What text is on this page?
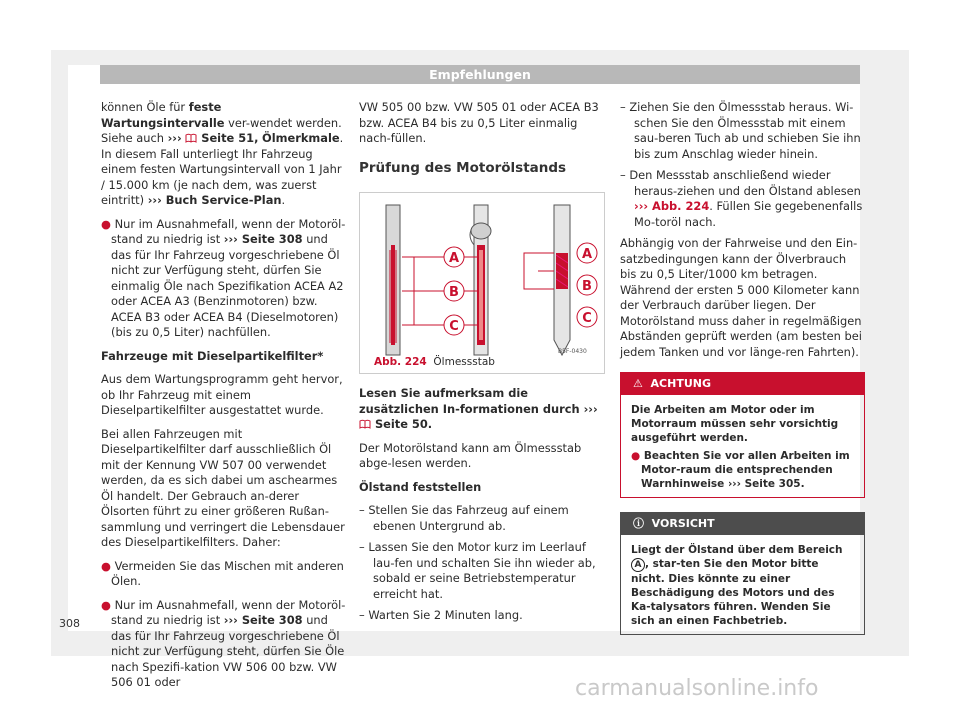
Empfehlungen

können Öle für feste Wartungsintervalle ver-wendet werden. Siehe auch ›››  Seite 51, Ölmerkmale. In diesem Fall unterliegt Ihr Fahrzeug einem festen Wartungsintervall von 1 Jahr / 15.000 km (je nach dem, was zuerst eintritt) ››› Buch Service-Plan.

● Nur im Ausnahmefall, wenn der Motoröl-stand zu niedrig ist ››› Seite 308 und das für Ihr Fahrzeug vorgeschriebene Öl nicht zur Verfügung steht, dürfen Sie einmalig Öle nach Spezifikation ACEA A2 oder ACEA A3 (Benzinmotoren) bzw. ACEA B3 oder ACEA B4 (Dieselmotoren) (bis zu 0,5 Liter) nachfüllen.

Fahrzeuge mit Dieselpartikelfilter*

Aus dem Wartungsprogramm geht hervor, ob Ihr Fahrzeug mit einem Dieselpartikelfilter ausgestattet wurde.

Bei allen Fahrzeugen mit Dieselpartikelfilter darf ausschließlich Öl mit der Kennung VW 507 00 verwendet werden, da es sich dabei um aschearmes Öl handelt. Der Gebrauch an-derer Ölsorten führt zu einer größeren Rußan-sammlung und verringert die Lebensdauer des Dieselpartikelfilters. Daher:

● Vermeiden Sie das Mischen mit anderen Ölen.

● Nur im Ausnahmefall, wenn der Motoröl-stand zu niedrig ist ››› Seite 308 und das für Ihr Fahrzeug vorgeschriebene Öl nicht zur Verfügung steht, dürfen Sie Öle nach Spezifi-kation VW 506 00 bzw. VW 506 01 oder

VW 505 00 bzw. VW 505 01 oder ACEA B3 bzw. ACEA B4 bis zu 0,5 Liter einmalig nach-füllen.

Prüfung des Motorölstands
A
B
C
A
B
C
B5F-0430
Abb. 224 Ölmessstab

Lesen Sie aufmerksam die zusätzlichen In-formationen durch ›››  Seite 50.

Der Motorölstand kann am Ölmessstab abge-lesen werden.

Ölstand feststellen

– Stellen Sie das Fahrzeug auf einem ebenen Untergrund ab.

– Lassen Sie den Motor kurz im Leerlauf lau-fen und schalten Sie ihn wieder ab, sobald er seine Betriebstemperatur erreicht hat.

– Warten Sie 2 Minuten lang.

– Ziehen Sie den Ölmessstab heraus. Wi-schen Sie den Ölmessstab mit einem sau-beren Tuch ab und schieben Sie ihn bis zum Anschlag wieder hinein.

– Den Messstab anschließend wieder heraus-ziehen und den Ölstand ablesen ››› Abb. 224. Füllen Sie gegebenenfalls Mo-toröl nach.

Abhängig von der Fahrweise und den Ein-satzbedingungen kann der Ölverbrauch bis zu 0,5 Liter/1000 km betragen. Während der ersten 5 000 Kilometer kann der Verbrauch darüber liegen. Der Motorölstand muss daher in regelmäßigen Abständen geprüft werden (am besten bei jedem Tanken und vor länge-ren Fahrten).

⚠ ACHTUNG

Die Arbeiten am Motor oder im Motorraum müssen sehr vorsichtig ausgeführt werden.

● Beachten Sie vor allen Arbeiten im Motor-raum die entsprechenden Warnhinweise ››› Seite 305.

ⓘ VORSICHT
Liegt der Ölstand über dem Bereich A , star-ten Sie den Motor bitte nicht. Dies könnte zu einer Beschädigung des Motors und des Ka-talysators führen. Wenden Sie sich an einen Fachbetrieb.
308
carmanualsonline.info
